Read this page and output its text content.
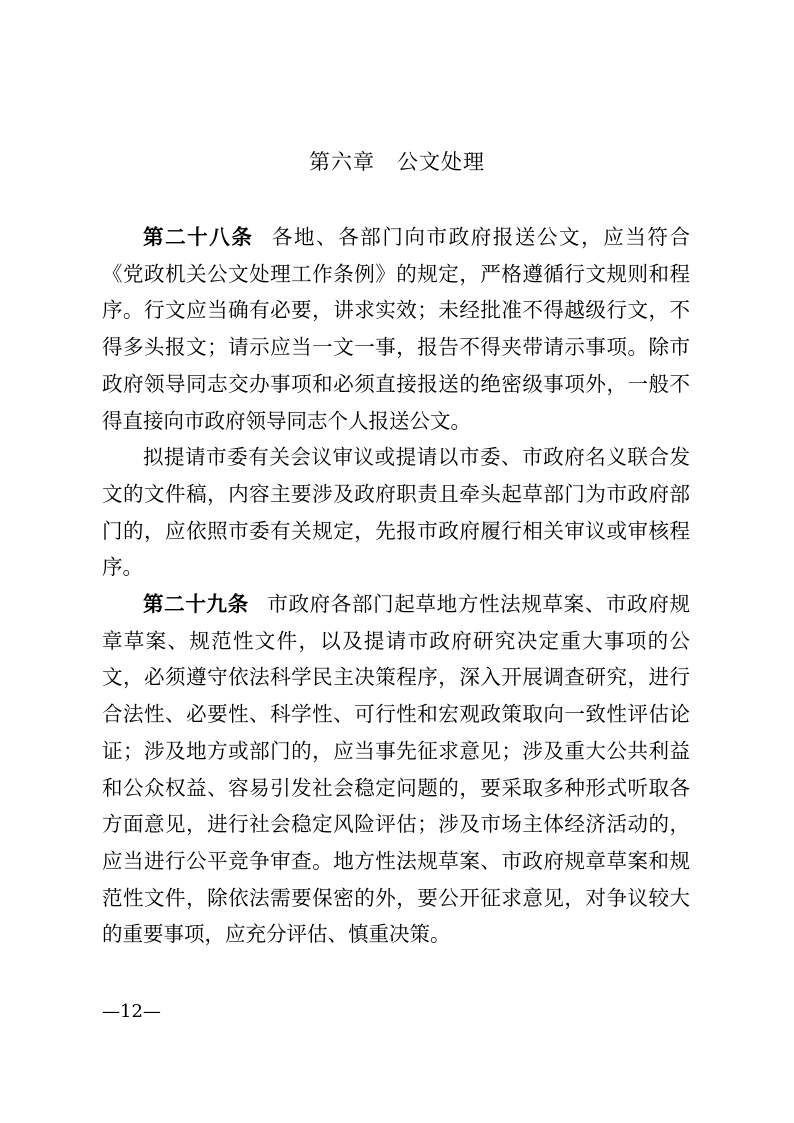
第六章　公文处理

第二十八条 各地、各部门向市政府报送公文，应当符合《党政机关公文处理工作条例》的规定，严格遵循行文规则和程序。行文应当确有必要，讲求实效；未经批准不得越级行文，不得多头报文；请示应当一文一事，报告不得夹带请示事项。除市政府领导同志交办事项和必须直接报送的绝密级事项外，一般不得直接向市政府领导同志个人报送公文。

拟提请市委有关会议审议或提请以市委、市政府名义联合发文的文件稿，内容主要涉及政府职责且牵头起草部门为市政府部门的，应依照市委有关规定，先报市政府履行相关审议或审核程序。

第二十九条 市政府各部门起草地方性法规草案、市政府规章草案、规范性文件，以及提请市政府研究决定重大事项的公文，必须遵守依法科学民主决策程序，深入开展调查研究，进行合法性、必要性、科学性、可行性和宏观政策取向一致性评估论证；涉及地方或部门的，应当事先征求意见；涉及重大公共利益和公众权益、容易引发社会稳定问题的，要采取多种形式听取各方面意见，进行社会稳定风险评估；涉及市场主体经济活动的，应当进行公平竞争审查。地方性法规草案、市政府规章草案和规范性文件，除依法需要保密的外，要公开征求意见，对争议较大的重要事项，应充分评估、慎重决策。

—12—
